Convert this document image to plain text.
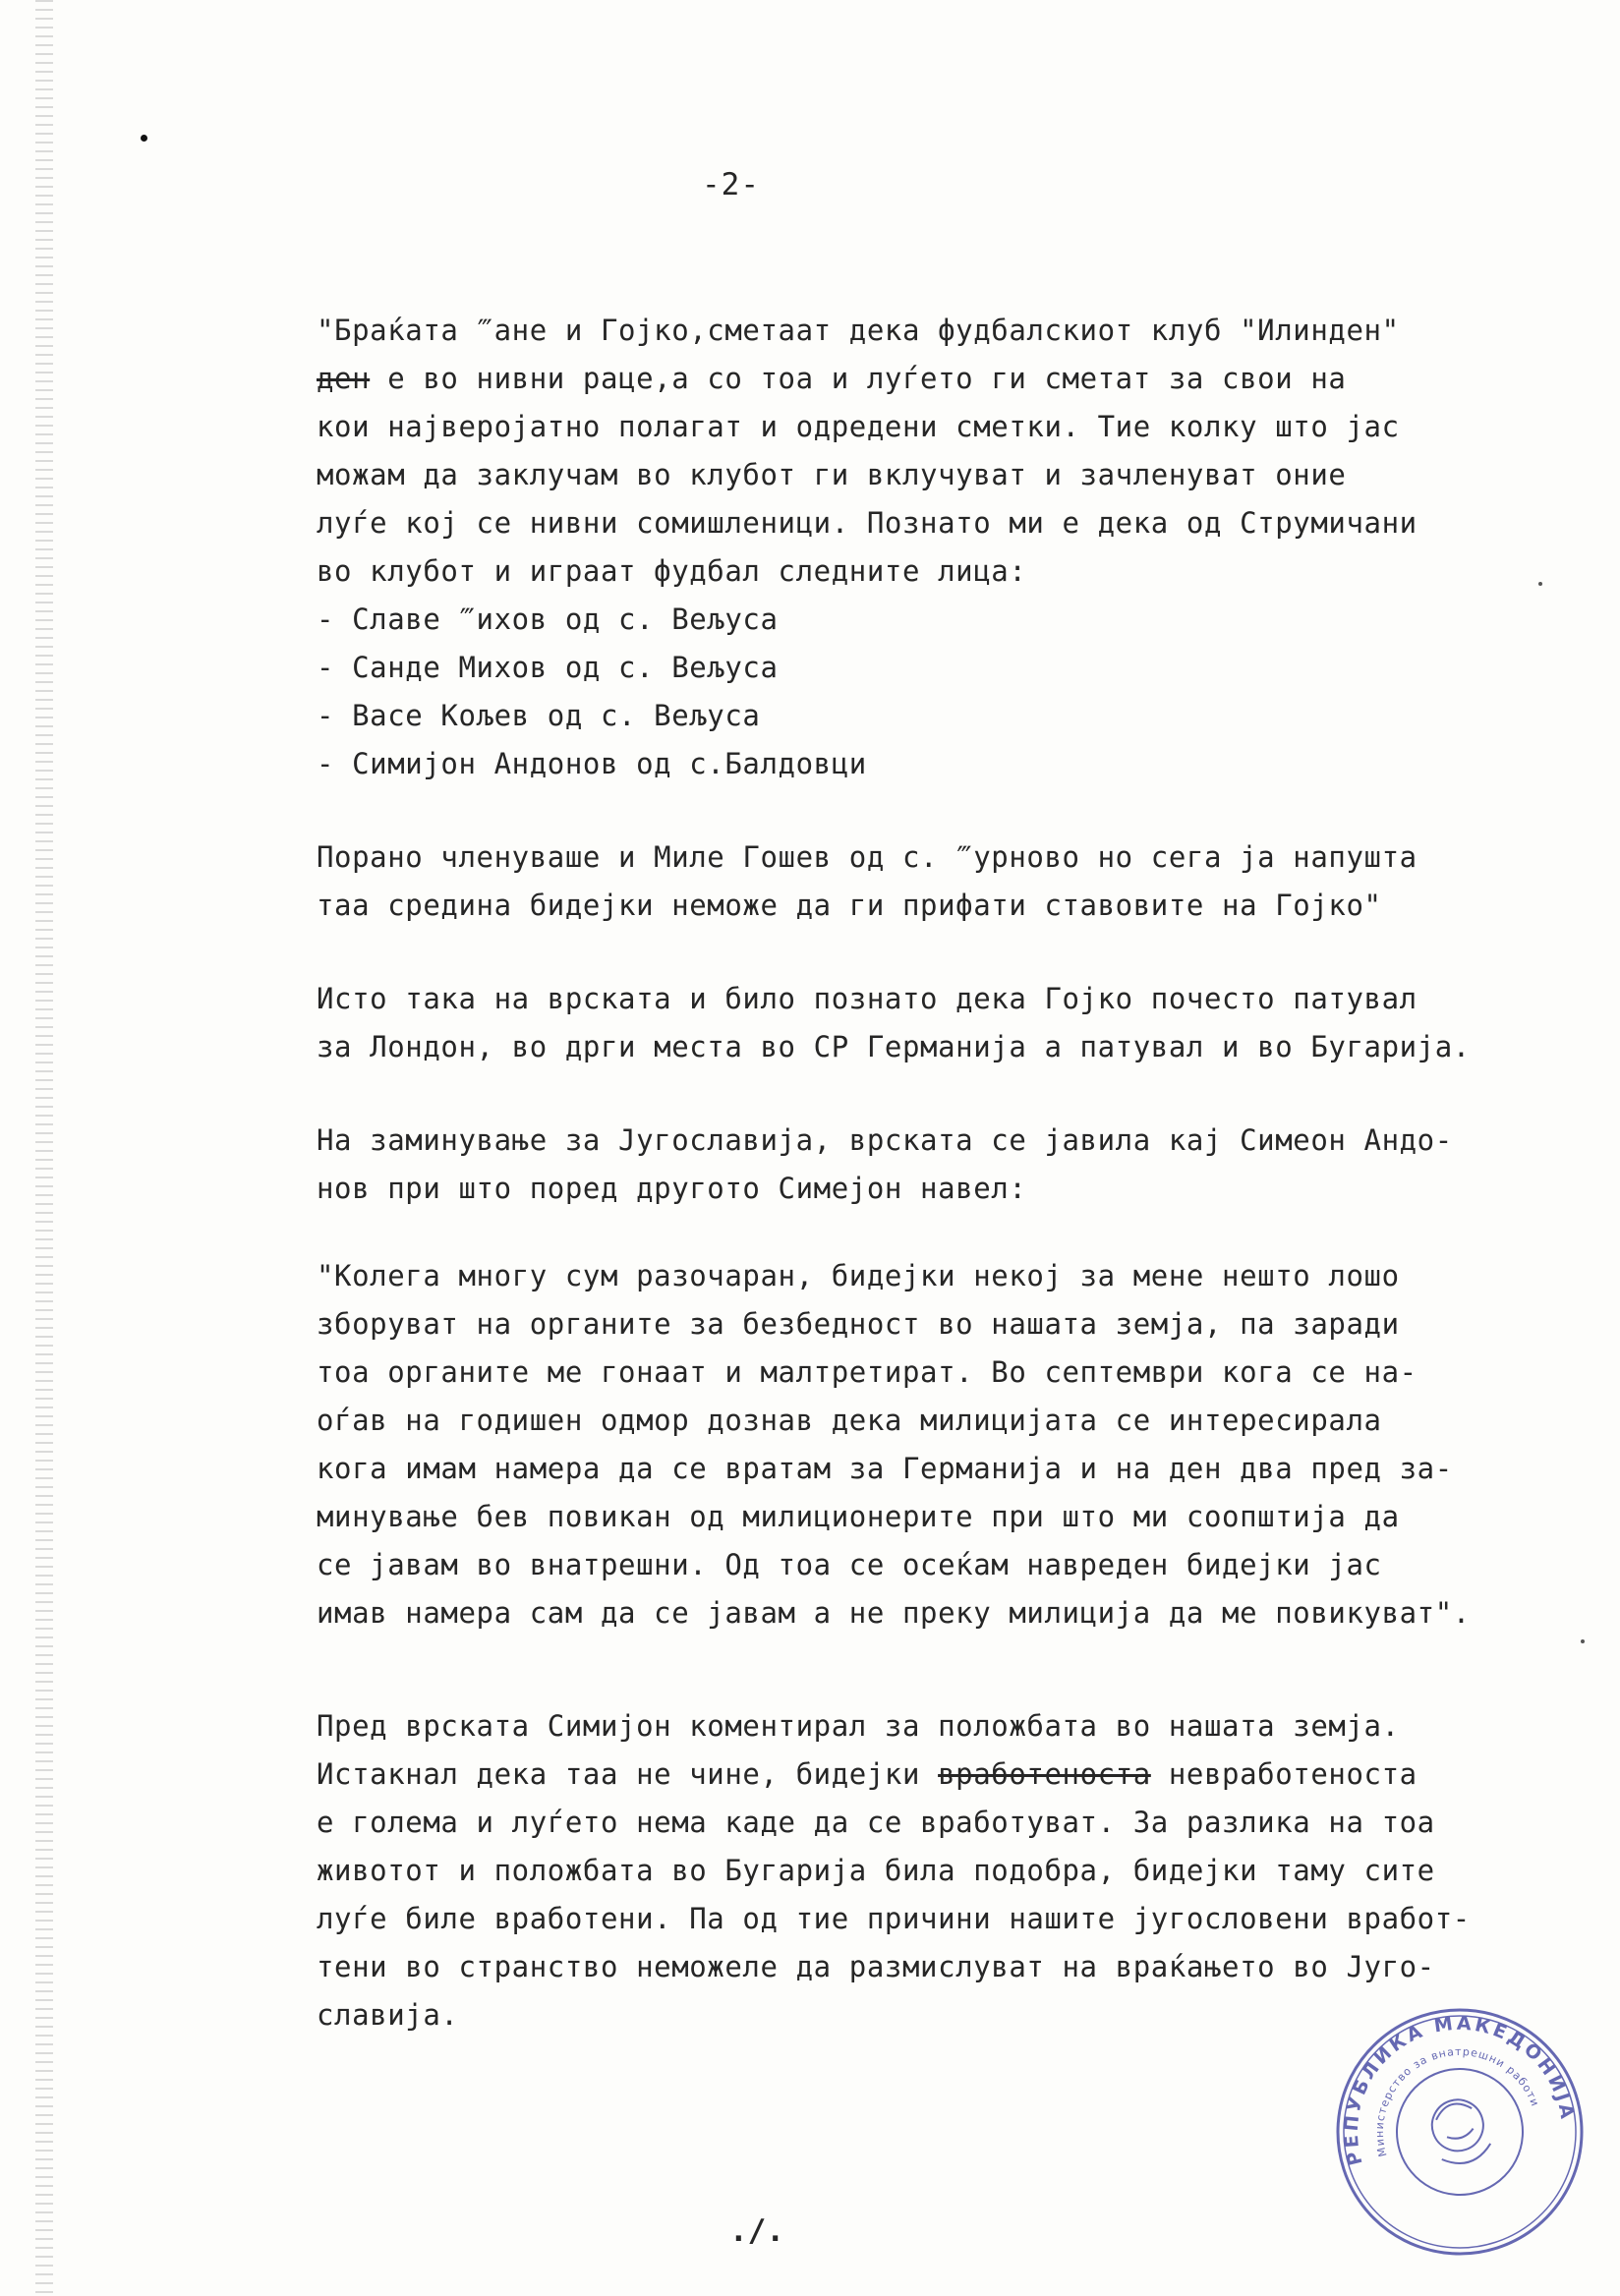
-2-
"Браќата ‴ане и Гојко,сметаат дека фудбалскиот клуб "Илинден"
ден е во нивни раце,а со тоа и луѓето ги сметат за свои на
кои најверојатно полагат и одредени сметки. Тие колку што јас
можам да заклучам во клубот ги вклучуват и зачленуват оние
луѓе кој се нивни сомишленици. Познато ми е дека од Струмичани
во клубот и играат фудбал следните лица:
- Славе ‴ихов од с. Вељуса
- Санде Михов од с. Вељуса
- Васе Кољев од с. Вељуса
- Симијон Андонов од с.Балдовци
Порано членуваше и Миле Гошев од с. ‴урново но сега ја напушта
таа средина бидејки неможе да ги прифати ставовите на Гојко"
Исто така на врската и било познато дека Гојко почесто патувал
за Лондон, во дрги места во СР Германија а патувал и во Бугарија.
На заминување за Југославија, врската се јавила кај Симеон Андо-
нов при што поред другото Симејон навел:
"Колега многу сум разочаран, бидејки некој за мене нешто лошо
зборуват на органите за безбедност во нашата земја, па заради
тоа органите ме гонаат и малтретират. Во септември кога се на-
оѓав на годишен одмор дознав дека милицијата се интересирала
кога имам намера да се вратам за Германија и на ден два пред за-
минување бев повикан од милиционерите при што ми соопштија да
се јавам во внатрешни. Од тоа се осеќам навреден бидејки јас
имав намера сам да се јавам а не преку милиција да ме повикуват".
Пред врската Симијон коментирал за положбата во нашата земја.
Истакнал дека таа не чине, бидејки вработеноста невработеноста
е голема и луѓето нема каде да се вработуват. За разлика на тоа
животот и положбата во Бугарија била подобра, бидејки таму сите
луѓе биле вработени. Па од тие причини нашите југословени вработ-
тени во странство неможеле да размислуват на враќањето во Југо-
славија.
./.
РЕПУБЛИКА МАКЕДОНИЈА
Министерство за внатрешни работи
